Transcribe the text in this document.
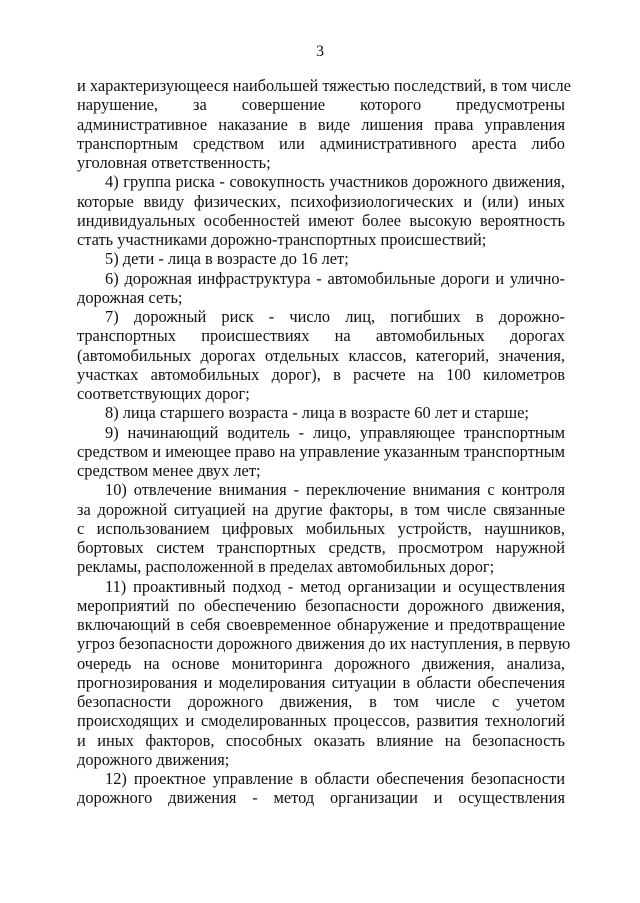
3
и характеризующееся наибольшей тяжестью последствий, в том числе
нарушение, за совершение которого предусмотрены
административное наказание в виде лишения права управления
транспортным средством или административного ареста либо
уголовная ответственность;
4) группа риска - совокупность участников дорожного движения,
которые ввиду физических, психофизиологических и (или) иных
индивидуальных особенностей имеют более высокую вероятность
стать участниками дорожно-транспортных происшествий;
5) дети - лица в возрасте до 16 лет;
6) дорожная инфраструктура - автомобильные дороги и улично-
дорожная сеть;
7) дорожный риск - число лиц, погибших в дорожно-
транспортных происшествиях на автомобильных дорогах
(автомобильных дорогах отдельных классов, категорий, значения,
участках автомобильных дорог), в расчете на 100 километров
соответствующих дорог;
8) лица старшего возраста - лица в возрасте 60 лет и старше;
9) начинающий водитель - лицо, управляющее транспортным
средством и имеющее право на управление указанным транспортным
средством менее двух лет;
10) отвлечение внимания - переключение внимания с контроля
за дорожной ситуацией на другие факторы, в том числе связанные
с использованием цифровых мобильных устройств, наушников,
бортовых систем транспортных средств, просмотром наружной
рекламы, расположенной в пределах автомобильных дорог;
11) проактивный подход - метод организации и осуществления
мероприятий по обеспечению безопасности дорожного движения,
включающий в себя своевременное обнаружение и предотвращение
угроз безопасности дорожного движения до их наступления, в первую
очередь на основе мониторинга дорожного движения, анализа,
прогнозирования и моделирования ситуации в области обеспечения
безопасности дорожного движения, в том числе с учетом
происходящих и смоделированных процессов, развития технологий
и иных факторов, способных оказать влияние на безопасность
дорожного движения;
12) проектное управление в области обеспечения безопасности
дорожного движения - метод организации и осуществления
